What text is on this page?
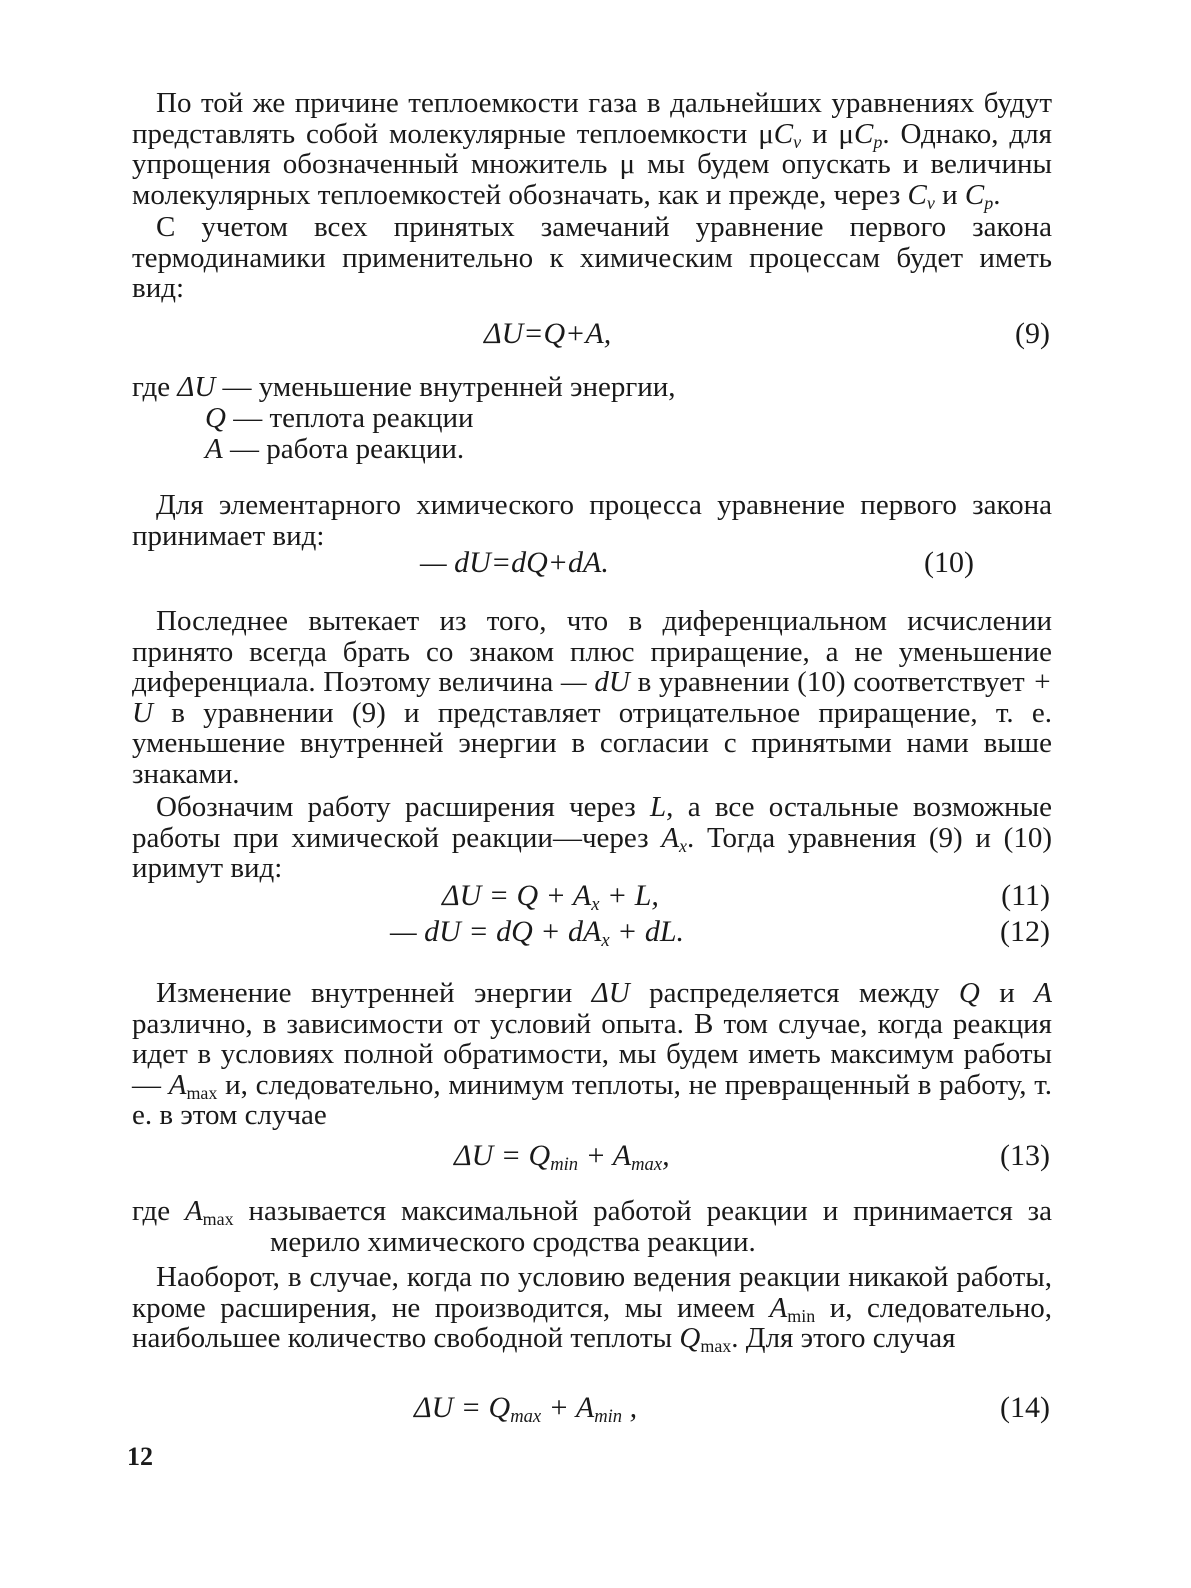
По той же причине теплоемкости газа в дальнейших уравнениях будут представлять собой молекулярные теплоемкости $\mu C_v$ и $\mu C_p$. Однако, для упрощения обозначенный множитель μ мы будем опускать и величины молекулярных теплоемкостей обозначать, как и прежде, через $C_v$ и $C_p$.

С учетом всех принятых замечаний уравнение первого закона термодинамики применительно к химическим процессам будет иметь вид:

ΔU=Q+A,	(9)
где ΔU — уменьшение внутренней энергии,
Q — теплота реакции
A — работа реакции.

Для элементарного химического процесса уравнение первого закона принимает вид:

— dU=dQ+dA.	(10)

Последнее вытекает из того, что в диференциальном исчислении принято всегда брать со знаком плюс приращение, а не уменьшение диференциала. Поэтому величина — dU в уравнении (10) соответствует + U в уравнении (9) и представляет отрицательное приращение, т. е. уменьшение внутренней энергии в согласии с принятыми нами выше знаками.

Обозначим работу расширения через L, а все остальные возможные работы при химической реакции—через $A_x$. Тогда уравнения (9) и (10) иримут вид:

$\Delta U = Q + A_x + L$,	(11)
— dU = dQ + $dA_x$ + dL.	(12)

Изменение внутренней энергии ΔU распределяется между Q и A различно, в зависимости от условий опыта. В том случае, когда реакция идет в условиях полной обратимости, мы будем иметь максимум работы — $A_{max}$ и, следовательно, минимум теплоты, не превращенный в работу, т. е. в этом случае

$\Delta U = Q_{min} + A_{max}$,	(13)

где $A_{max}$ называется максимальной работой реакции и принимается за мерило химического сродства реакции.

Наоборот, в случае, когда по условию ведения реакции никакой работы, кроме расширения, не производится, мы имеем $A_{min}$ и, следовательно, наибольшее количество свободной теплоты $Q_{max}$. Для этого случая

$\Delta U = Q_{max} + A_{min}$ ,	(14)
12
